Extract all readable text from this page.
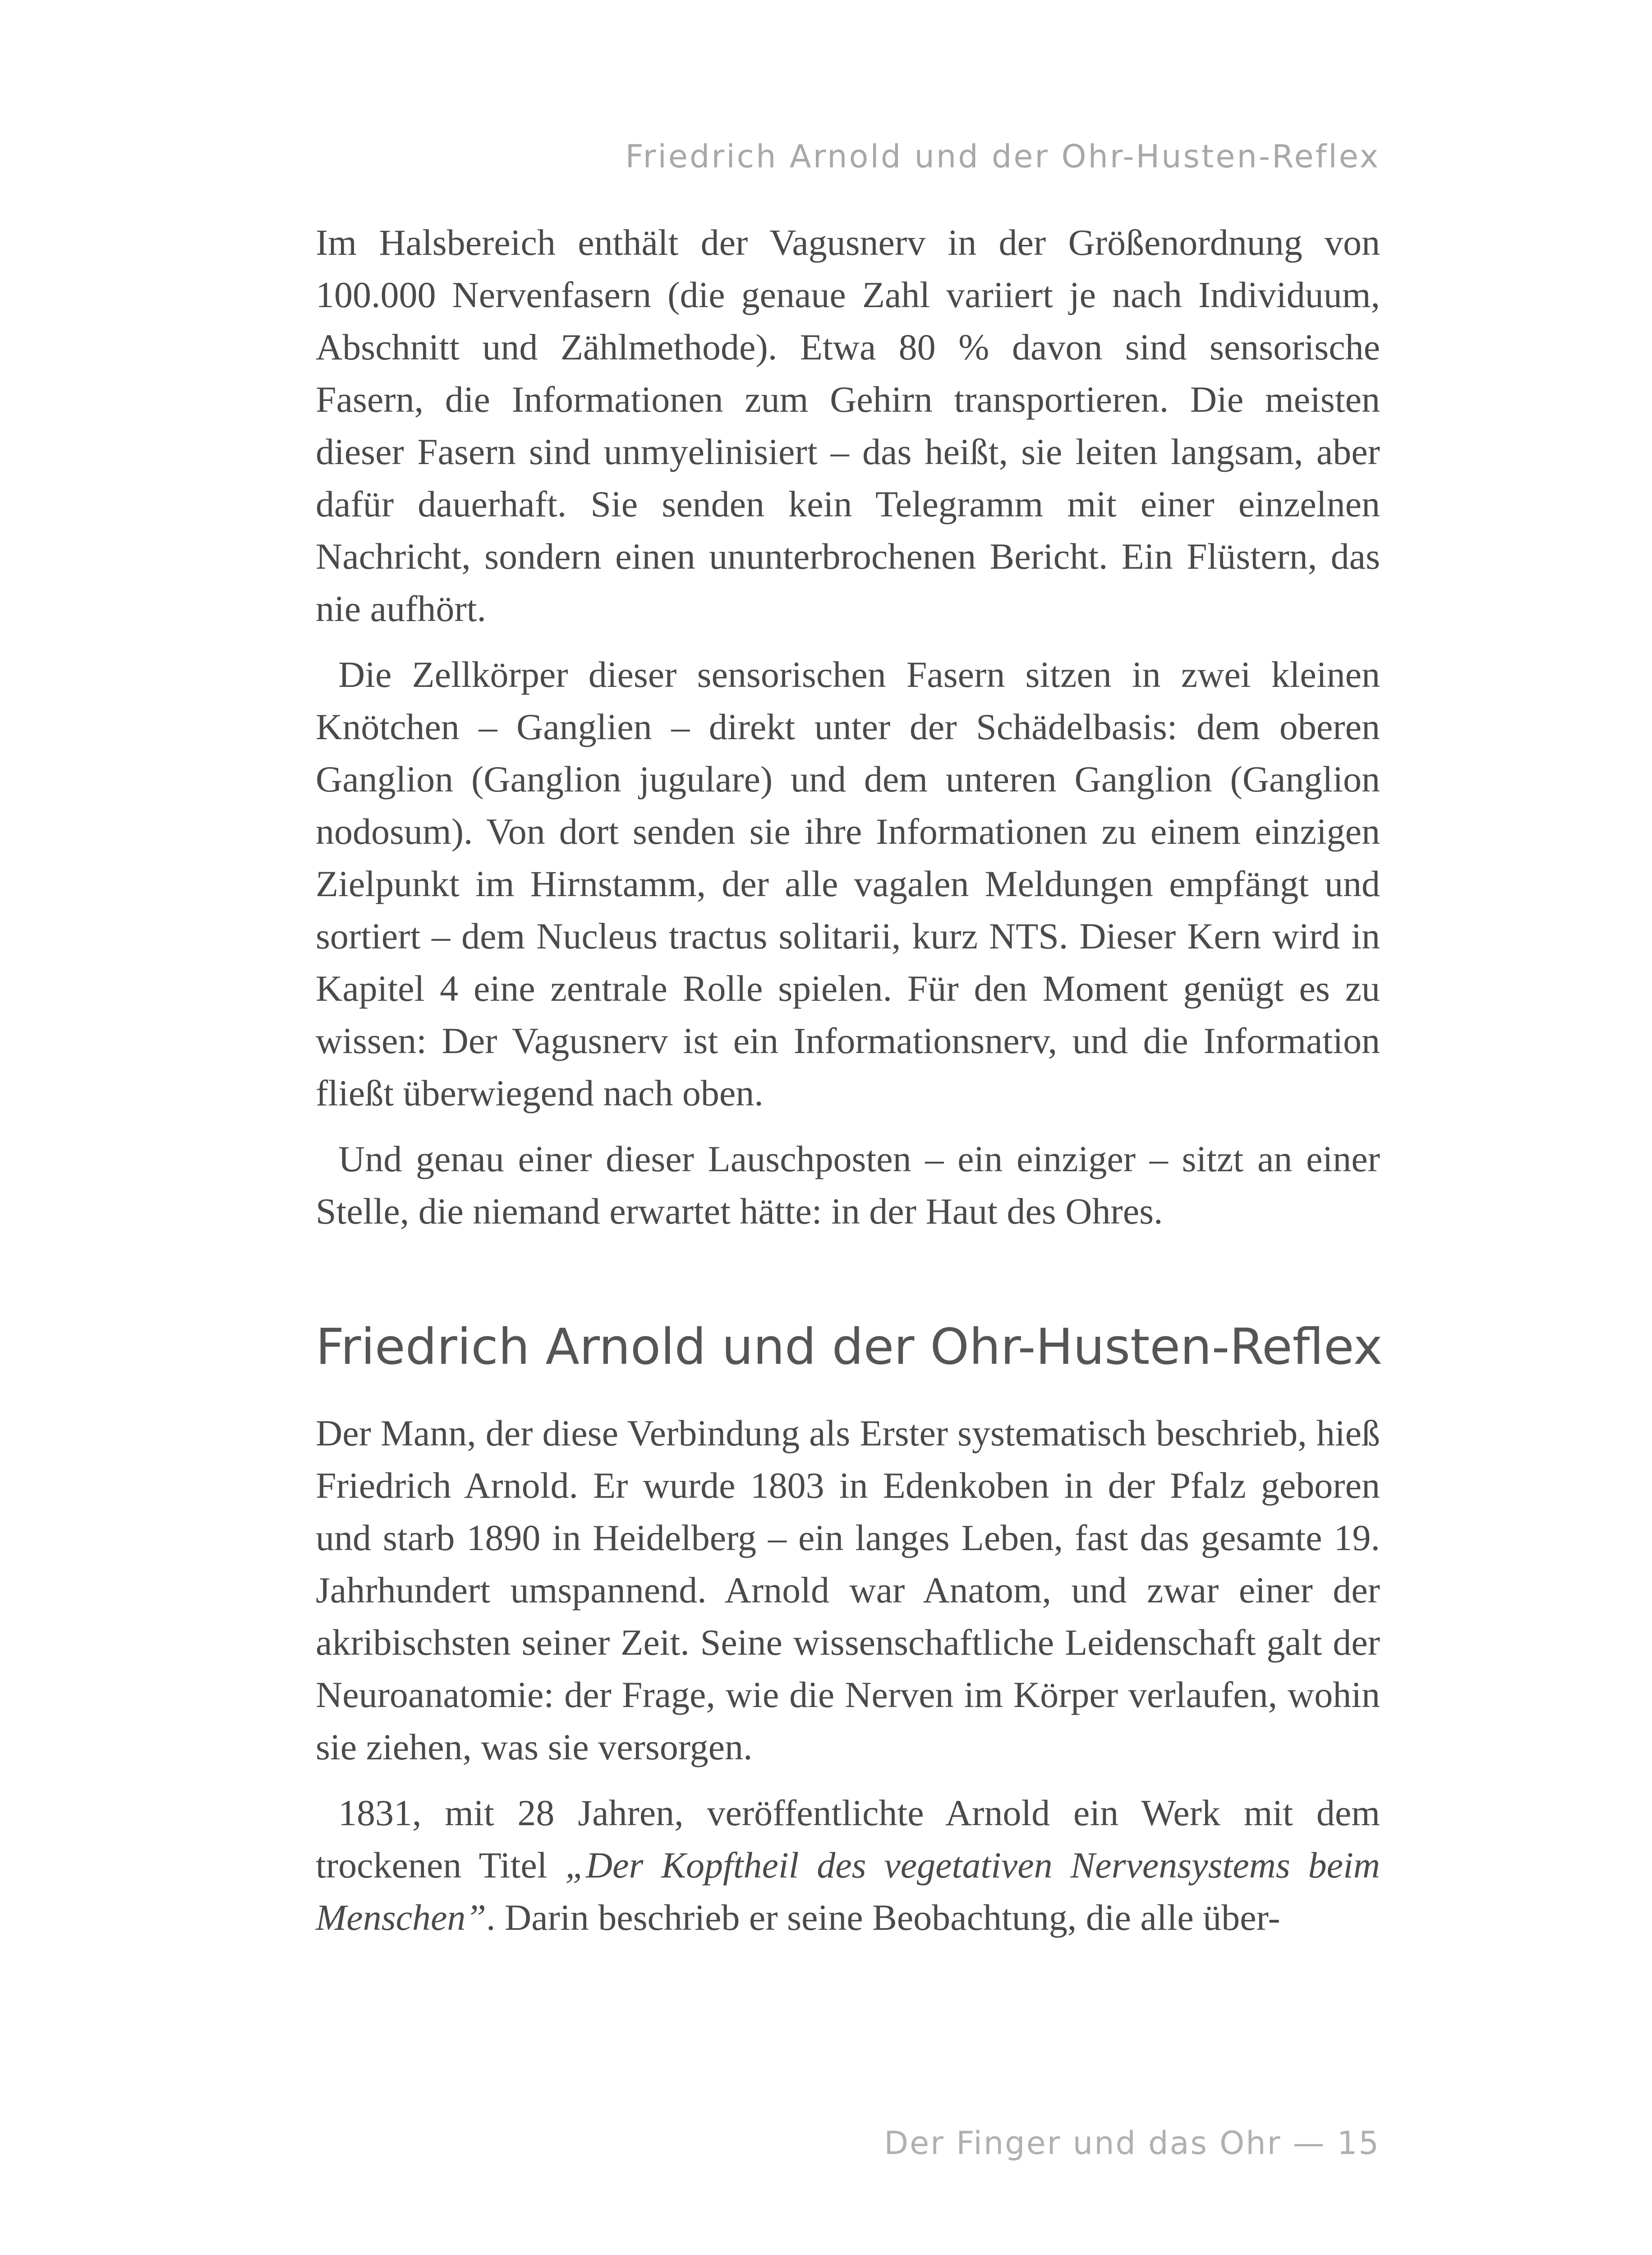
Friedrich Arnold und der Ohr-Husten-Reflex

Im Halsbereich enthält der Vagusnerv in der Größenordnung von 100.000 Nervenfasern (die genaue Zahl variiert je nach Individuum, Abschnitt und Zählmethode). Etwa 80 % davon sind sensorische Fasern, die Informationen zum Gehirn transportieren. Die meisten dieser Fasern sind unmyelinisiert – das heißt, sie leiten langsam, aber dafür dauerhaft. Sie senden kein Telegramm mit einer einzelnen Nachricht, sondern einen ununterbrochenen Bericht. Ein Flüstern, das nie aufhört.

Die Zellkörper dieser sensorischen Fasern sitzen in zwei kleinen Knötchen – Ganglien – direkt unter der Schädelbasis: dem oberen Ganglion (Ganglion jugulare) und dem unteren Ganglion (Ganglion nodosum). Von dort senden sie ihre Informationen zu einem einzigen Zielpunkt im Hirnstamm, der alle vagalen Meldungen empfängt und sortiert – dem Nucleus tractus solitarii, kurz NTS. Dieser Kern wird in Kapitel 4 eine zentrale Rolle spielen. Für den Moment genügt es zu wissen: Der Vagusnerv ist ein Informationsnerv, und die Information fließt überwiegend nach oben.

Und genau einer dieser Lauschposten – ein einziger – sitzt an einer Stelle, die niemand erwartet hätte: in der Haut des Ohres.

Friedrich Arnold und der Ohr-Husten-Reflex

Der Mann, der diese Verbindung als Erster systematisch beschrieb, hieß Friedrich Arnold. Er wurde 1803 in Edenkoben in der Pfalz geboren und starb 1890 in Heidelberg – ein langes Leben, fast das gesamte 19. Jahrhundert umspannend. Arnold war Anatom, und zwar einer der akribischsten seiner Zeit. Seine wissenschaftliche Leidenschaft galt der Neuroanatomie: der Frage, wie die Nerven im Körper verlaufen, wohin sie ziehen, was sie versorgen.

1831, mit 28 Jahren, veröffentlichte Arnold ein Werk mit dem trockenen Titel „Der Kopftheil des vegetativen Nervensystems beim Menschen”. Darin beschrieb er seine Beobachtung, die alle über-

Der Finger und das Ohr — 15
